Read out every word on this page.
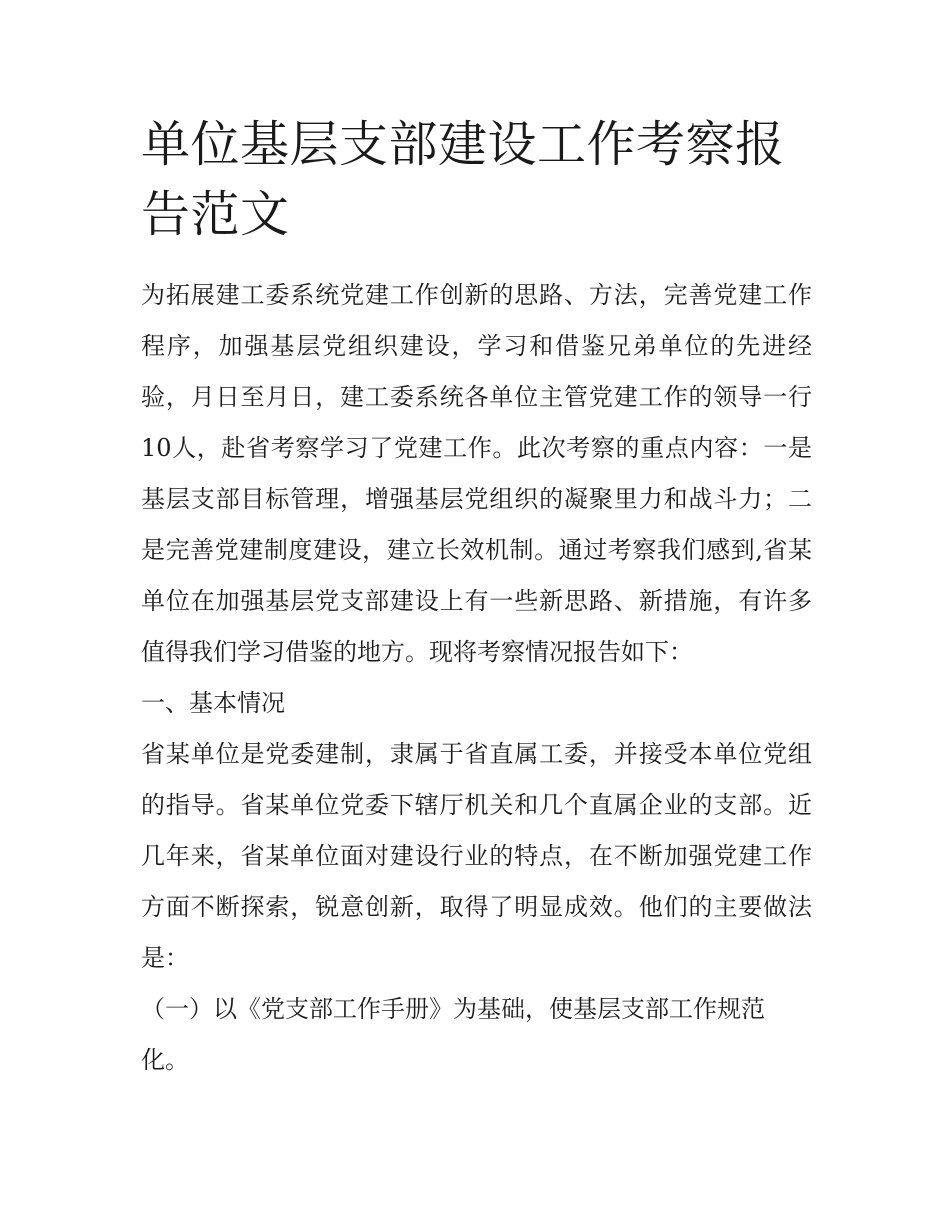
单位基层支部建设工作考察报告范文

为拓展建工委系统党建工作创新的思路、方法，完善党建工作程序，加强基层党组织建设，学习和借鉴兄弟单位的先进经验，月日至月日，建工委系统各单位主管党建工作的领导一行10人，赴省考察学习了党建工作。此次考察的重点内容：一是基层支部目标管理，增强基层党组织的凝聚里力和战斗力；二是完善党建制度建设，建立长效机制。通过考察我们感到,省某单位在加强基层党支部建设上有一些新思路、新措施，有许多值得我们学习借鉴的地方。现将考察情况报告如下：

一、基本情况

省某单位是党委建制，隶属于省直属工委，并接受本单位党组的指导。省某单位党委下辖厅机关和几个直属企业的支部。近几年来，省某单位面对建设行业的特点，在不断加强党建工作方面不断探索，锐意创新，取得了明显成效。他们的主要做法是：

（一）以《党支部工作手册》为基础，使基层支部工作规范化。
